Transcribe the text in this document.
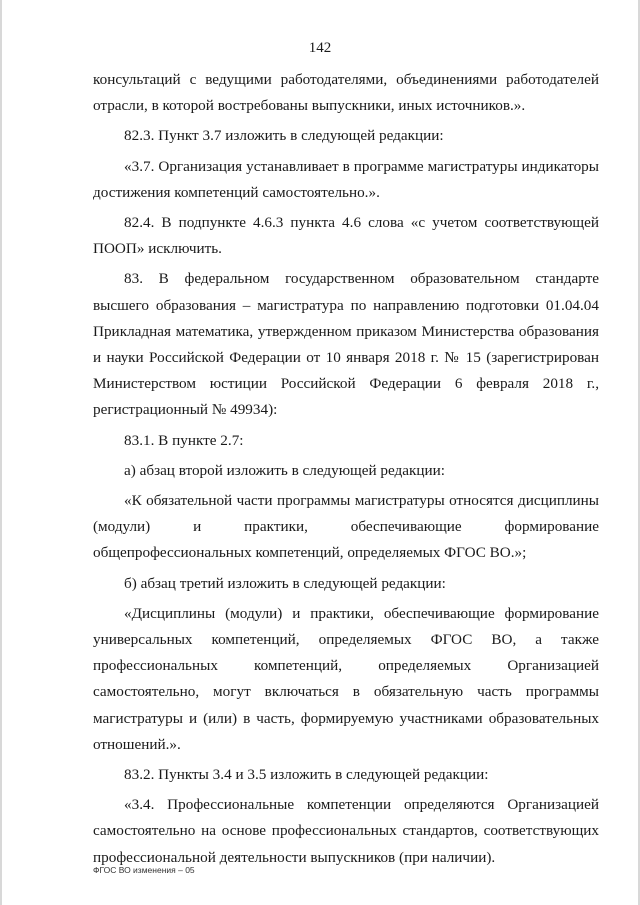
142

консультаций с ведущими работодателями, объединениями работодателей отрасли, в которой востребованы выпускники, иных источников.».

82.3. Пункт 3.7 изложить в следующей редакции:

«3.7. Организация устанавливает в программе магистратуры индикаторы достижения компетенций самостоятельно.».

82.4. В подпункте 4.6.3 пункта 4.6 слова «с учетом соответствующей ПООП» исключить.

83. В федеральном государственном образовательном стандарте высшего образования – магистратура по направлению подготовки 01.04.04 Прикладная математика, утвержденном приказом Министерства образования и науки Российской Федерации от 10 января 2018 г. № 15 (зарегистрирован Министерством юстиции Российской Федерации 6 февраля 2018 г., регистрационный № 49934):

83.1. В пункте 2.7:

а) абзац второй изложить в следующей редакции:

«К обязательной части программы магистратуры относятся дисциплины (модули) и практики, обеспечивающие формирование общепрофессиональных компетенций, определяемых ФГОС ВО.»;

б) абзац третий изложить в следующей редакции:

«Дисциплины (модули) и практики, обеспечивающие формирование универсальных компетенций, определяемых ФГОС ВО, а также профессиональных компетенций, определяемых Организацией самостоятельно, могут включаться в обязательную часть программы магистратуры и (или) в часть, формируемую участниками образовательных отношений.».

83.2. Пункты 3.4 и 3.5 изложить в следующей редакции:

«3.4. Профессиональные компетенции определяются Организацией самостоятельно на основе профессиональных стандартов, соответствующих профессиональной деятельности выпускников (при наличии).

ФГОС ВО изменения – 05
